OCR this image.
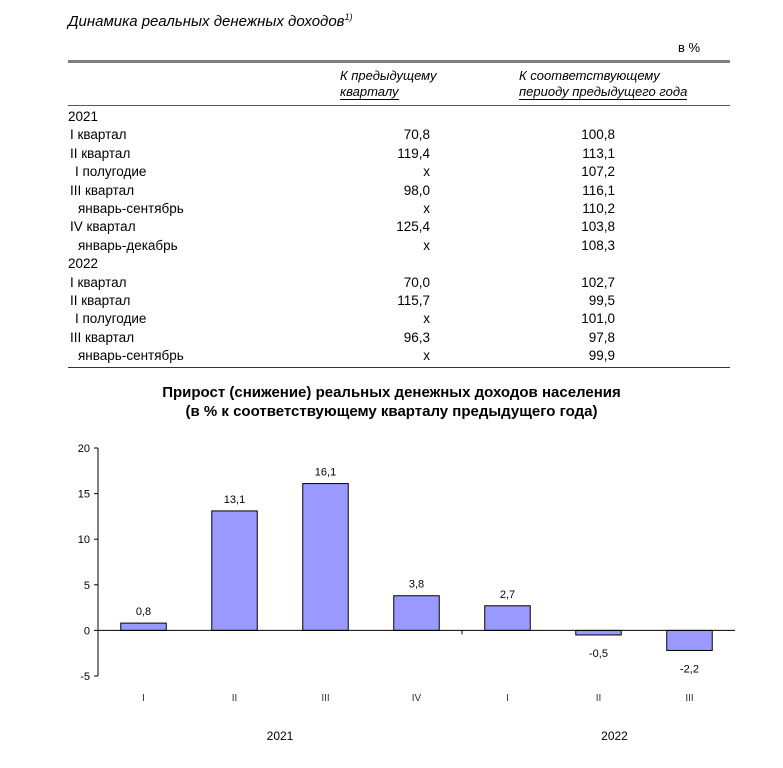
Динамика реальных денежных доходов$^{1)}$
в %
К предыдущему
кварталу
К соответствующему
периоду предыдущего года
2021
I квартал	70,8	100,8
II квартал	119,4	113,1
I полугодие	x	107,2
III квартал	98,0	116,1
январь-сентябрь	x	110,2
IV квартал	125,4	103,8
январь-декабрь	x	108,3
2022
I квартал	70,0	102,7
II квартал	115,7	99,5
I полугодие	x	101,0
III квартал	96,3	97,8
январь-сентябрь	x	99,9
Прирост (снижение) реальных денежных доходов населения
(в % к соответствующему кварталу предыдущего года)
20
15
10
5
0
-5
0,8
I
13,1
II
16,1
III
3,8
IV
2,7
I
-0,5
II
-2,2
III
2021	2022
